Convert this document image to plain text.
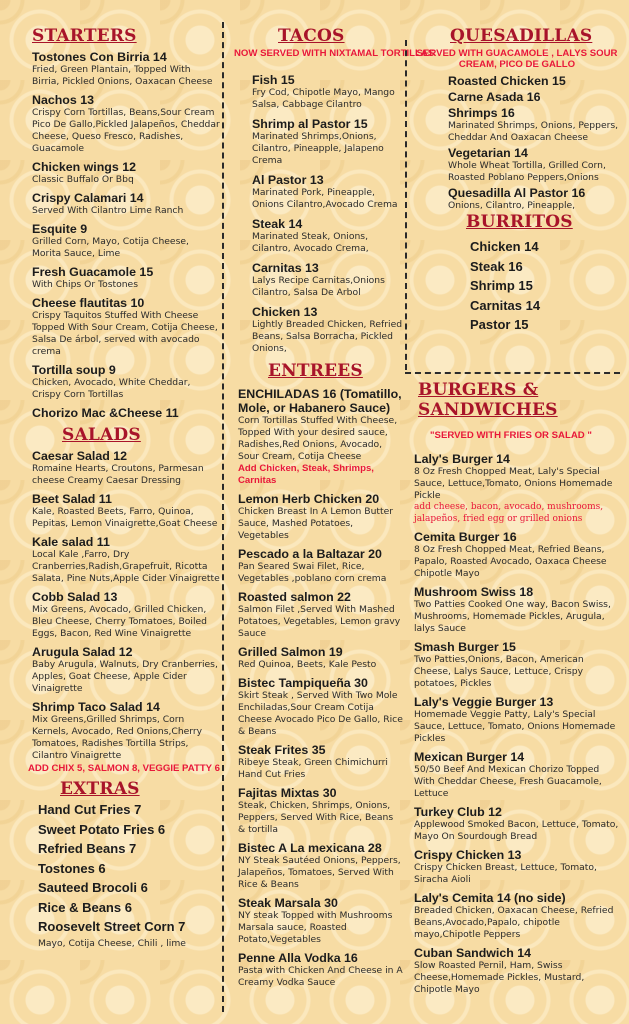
STARTERS
Tostones Con Birria 14
Fried, Green Plantain, Topped With Birria, Pickled Onions, Oaxacan Cheese
Nachos 13
Crispy Corn Tortillas, Beans,Sour Cream Pico De Gallo,Pickled Jalapeños, Cheddar Cheese, Queso Fresco, Radishes, Guacamole
Chicken wings 12
Classic Buffalo Or Bbq
Crispy Calamari 14
Served With Cilantro Lime Ranch
Esquite 9
Grilled Corn, Mayo, Cotija Cheese, Morita Sauce, Lime
Fresh Guacamole 15
With Chips Or Tostones
Cheese flautitas 10
Crispy Taquitos Stuffed With Cheese Topped With Sour Cream, Cotija Cheese, Salsa De árbol, served with avocado crema
Tortilla soup 9
Chicken, Avocado, White Cheddar, Crispy Corn Tortillas
Chorizo Mac &Cheese 11
SALADS
Caesar Salad 12
Romaine Hearts, Croutons, Parmesan cheese Creamy Caesar Dressing
Beet Salad 11
Kale, Roasted Beets, Farro, Quinoa, Pepitas, Lemon Vinaigrette,Goat Cheese
Kale salad 11
Local Kale ,Farro, Dry Cranberries,Radish,Grapefruit, Ricotta Salata, Pine Nuts,Apple Cider Vinaigrette
Cobb Salad 13
Mix Greens, Avocado, Grilled Chicken, Bleu Cheese, Cherry Tomatoes, Boiled Eggs, Bacon, Red Wine Vinaigrette
Arugula Salad 12
Baby Arugula, Walnuts, Dry Cranberries, Apples, Goat Cheese, Apple Cider Vinaigrette
Shrimp Taco Salad 14
Mix Greens,Grilled Shrimps, Corn Kernels, Avocado, Red Onions,Cherry Tomatoes, Radishes Tortilla Strips, Cilantro Vinaigrette
ADD CHIX 5, SALMON 8, VEGGIE PATTY 6
EXTRAS
Hand Cut Fries 7
Sweet Potato Fries 6
Refried Beans 7
Tostones 6
Sauteed Brocoli 6
Rice & Beans 6
Roosevelt Street Corn 7
Mayo, Cotija Cheese, Chili , lime
TACOS
NOW SERVED WITH NIXTAMAL TORTILLAS
Fish 15
Fry Cod, Chipotle Mayo, Mango Salsa, Cabbage Cilantro
Shrimp al Pastor 15
Marinated Shrimps,Onions, Cilantro, Pineapple, Jalapeno Crema
Al Pastor 13
Marinated Pork, Pineapple, Onions Cilantro,Avocado Crema
Steak 14
Marinated Steak, Onions, Cilantro, Avocado Crema,
Carnitas 13
Lalys Recipe Carnitas,Onions Cilantro, Salsa De Arbol
Chicken 13
Lightly Breaded Chicken, Refried Beans, Salsa Borracha, Pickled Onions,
ENTREES
ENCHILADAS 16 (Tomatillo, Mole, or Habanero Sauce)
Corn Tortillas Stuffed With Cheese, Topped With your desired sauce, Radishes,Red Onions, Avocado, Sour Cream, Cotija Cheese
Add Chicken, Steak, Shrimps, Carnitas
Lemon Herb Chicken 20
Chicken Breast In A Lemon Butter Sauce, Mashed Potatoes, Vegetables
Pescado a la Baltazar 20
Pan Seared Swai Filet, Rice, Vegetables ,poblano corn crema
Roasted salmon 22
Salmon Filet ,Served With Mashed Potatoes, Vegetables, Lemon gravy Sauce
Grilled Salmon 19
Red Quinoa, Beets, Kale Pesto
Bistec Tampiqueña 30
Skirt Steak , Served With Two Mole Enchiladas,Sour Cream Cotija Cheese Avocado Pico De Gallo, Rice & Beans
Steak Frites 35
Ribeye Steak, Green Chimichurri Hand Cut Fries
Fajitas Mixtas 30
Steak, Chicken, Shrimps, Onions, Peppers, Served With Rice, Beans & tortilla
Bistec A La mexicana 28
NY Steak Sautéed Onions, Peppers, Jalapeños, Tomatoes, Served With Rice & Beans
Steak Marsala 30
NY steak Topped with Mushrooms Marsala sauce, Roasted Potato,Vegetables
Penne Alla Vodka 16
Pasta with Chicken And Cheese in A Creamy Vodka Sauce
QUESADILLAS
SERVED WITH GUACAMOLE , LALYS SOUR CREAM, PICO DE GALLO
Roasted Chicken 15
Carne Asada 16
Shrimps 16
Marinated Shrimps, Onions, Peppers, Cheddar And Oaxacan Cheese
Vegetarian 14
Whole Wheat Tortilla, Grilled Corn, Roasted Poblano Peppers,Onions
Quesadilla Al Pastor 16
Onions, Cilantro, Pineapple,
BURRITOS
Chicken 14
Steak 16
Shrimp 15
Carnitas 14
Pastor 15
BURGERS & SANDWICHES
"SERVED WITH FRIES OR SALAD "
Laly's Burger 14
8 Oz Fresh Chopped Meat, Laly's Special Sauce, Lettuce,Tomato, Onions Homemade Pickle
add cheese, bacon, avocado, mushrooms, jalapeños, fried egg or grilled onions
Cemita Burger 16
8 Oz Fresh Chopped Meat, Refried Beans, Papalo, Roasted Avocado, Oaxaca Cheese Chipotle Mayo
Mushroom Swiss 18
Two Patties Cooked One way, Bacon Swiss, Mushrooms, Homemade Pickles, Arugula, lalys Sauce
Smash Burger 15
Two Patties,Onions, Bacon, American Cheese, Lalys Sauce, Lettuce, Crispy potatoes, Pickles
Laly's Veggie Burger 13
Homemade Veggie Patty, Laly's Special Sauce, Lettuce, Tomato, Onions Homemade Pickles
Mexican Burger 14
50/50 Beef And Mexican Chorizo Topped With Cheddar Cheese, Fresh Guacamole, Lettuce
Turkey Club 12
Applewood Smoked Bacon, Lettuce, Tomato, Mayo On Sourdough Bread
Crispy Chicken 13
Crispy Chicken Breast, Lettuce, Tomato, Siracha Aioli
Laly's Cemita 14 (no side)
Breaded Chicken, Oaxacan Cheese, Refried Beans,Avocado,Papalo, chipotle mayo,Chipotle Peppers
Cuban Sandwich 14
Slow Roasted Pernil, Ham, Swiss Cheese,Homemade Pickles, Mustard, Chipotle Mayo
